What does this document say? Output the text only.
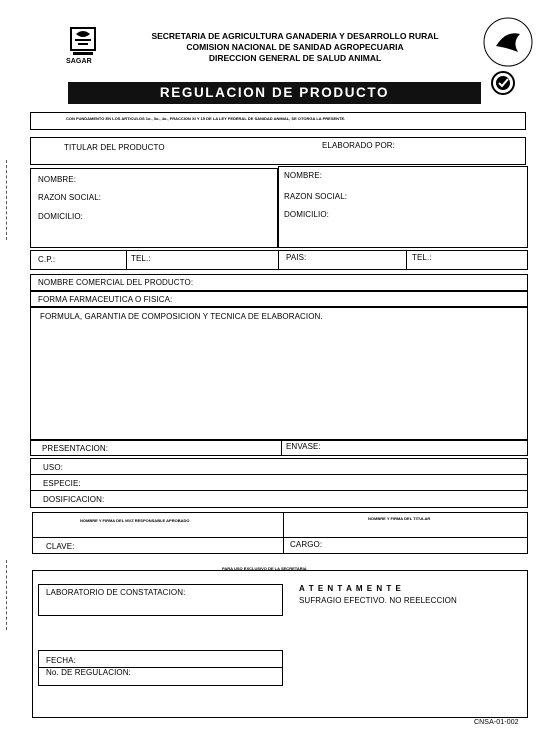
SAGAR
SECRETARIA DE AGRICULTURA GANADERIA Y DESARROLLO RURAL
COMISION NACIONAL DE SANIDAD AGROPECUARIA
DIRECCION GENERAL DE SALUD ANIMAL
REGULACION DE PRODUCTO
CON FUNDAMENTO EN LOS ARTICULOS 1o., 3o., 4o., FRACCION XI Y 15 DE LA LEY FEDERAL DE SANIDAD ANIMAL, SE OTORGA LA PRESENTE.
TITULAR DEL PRODUCTO	ELABORADO POR:
NOMBRE:
RAZON SOCIAL:
DOMICILIO:
NOMBRE:
RAZON SOCIAL:
DOMICILIO:
C.P.:	TEL.:	PAIS:	TEL.:
NOMBRE COMERCIAL DEL PRODUCTO:
FORMA FARMACEUTICA O FISICA:
FORMULA, GARANTIA DE COMPOSICION Y TECNICA DE ELABORACION.
PRESENTACION:	ENVASE:
USO:
ESPECIE:
DOSIFICACION:
NOMBRE Y FIRMA DEL MVZ RESPONSABLE APROBADO	NOMBRE Y FIRMA DEL TITULAR
CLAVE:	CARGO:
PARA USO EXCLUSIVO DE LA SECRETARIA
LABORATORIO DE CONSTATACION:	A T E N T A M E N T E
SUFRAGIO EFECTIVO. NO REELECCION
FECHA:
No. DE REGULACION:
CNSA-01-002
